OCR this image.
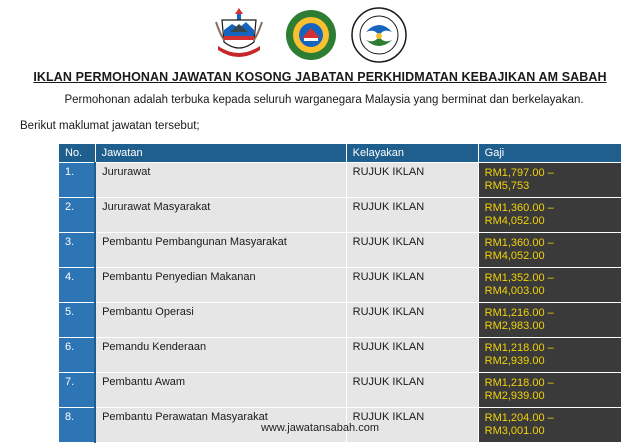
IKLAN PERMOHONAN JAWATAN KOSONG JABATAN PERKHIDMATAN KEBAJIKAN AM SABAH
Permohonan adalah terbuka kepada seluruh warganegara Malaysia yang berminat dan berkelayakan.
Berikut maklumat jawatan tersebut;
No.	Jawatan	Kelayakan	Gaji
1.	Jururawat	RUJUK IKLAN	RM1,797.00 –
RM5,753

2.	Jururawat Masyarakat	RUJUK IKLAN	RM1,360.00 –
RM4,052.00

3.	Pembantu Pembangunan Masyarakat	RUJUK IKLAN	RM1,360.00 –
RM4,052.00

4.	Pembantu Penyedian Makanan	RUJUK IKLAN	RM1,352.00 –
RM4,003.00

5.	Pembantu Operasi	RUJUK IKLAN	RM1,216.00 –
RM2,983.00

6.	Pemandu Kenderaan	RUJUK IKLAN	RM1,218.00 –
RM2,939.00

7.	Pembantu Awam	RUJUK IKLAN	RM1,218.00 –
RM2,939.00

8.	Pembantu Perawatan Masyarakat	RUJUK IKLAN	RM1,204.00 –
RM3,001.00
www.jawatansabah.com
